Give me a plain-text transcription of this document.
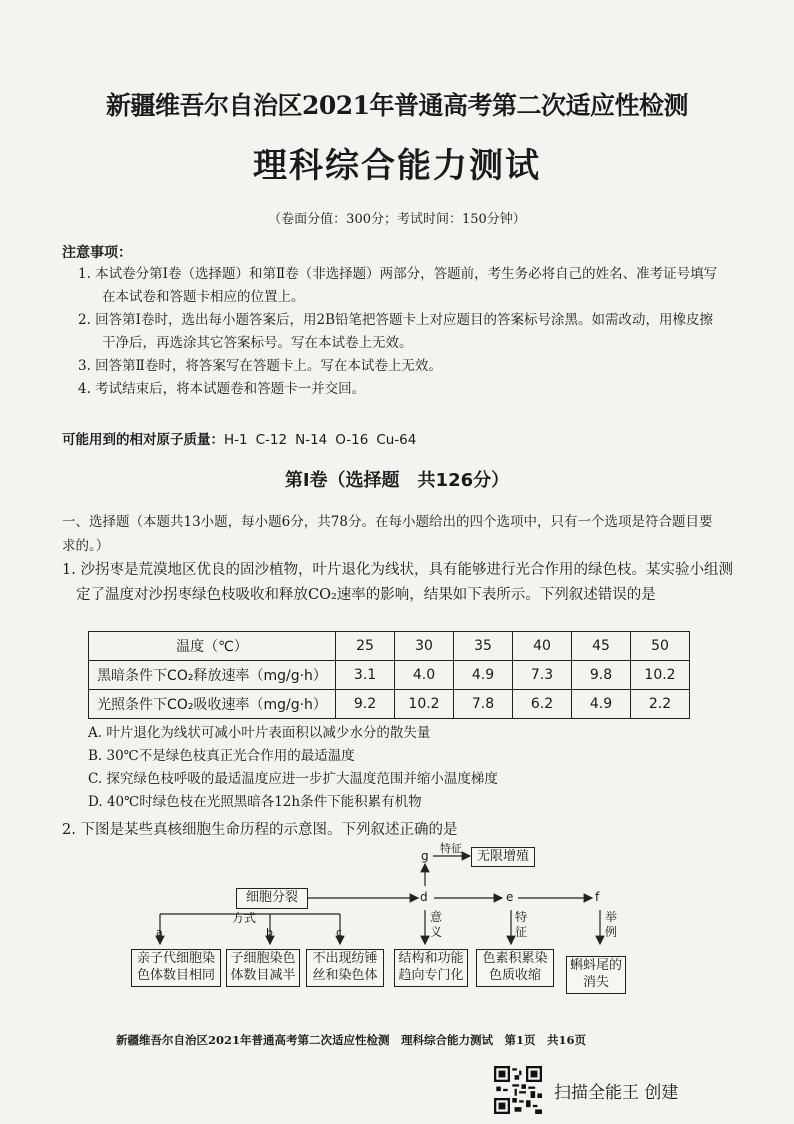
新疆维吾尔自治区2021年普通高考第二次适应性检测
理科综合能力测试
（卷面分值：300分；考试时间：150分钟）
注意事项：
1. 本试卷分第Ⅰ卷（选择题）和第Ⅱ卷（非选择题）两部分，答题前，考生务必将自己的姓名、准考证号填写在本试卷和答题卡相应的位置上。
2. 回答第Ⅰ卷时，选出每小题答案后，用2B铅笔把答题卡上对应题目的答案标号涂黑。如需改动，用橡皮擦干净后，再选涂其它答案标号。写在本试卷上无效。
3. 回答第Ⅱ卷时，将答案写在答题卡上。写在本试卷上无效。
4. 考试结束后，将本试题卷和答题卡一并交回。
可能用到的相对原子质量：H-1 C-12 N-14 O-16 Cu-64
第Ⅰ卷（选择题　共126分）
一、选择题（本题共13小题，每小题6分，共78分。在每小题给出的四个选项中，只有一个选项是符合题目要求的。）
1. 沙拐枣是荒漠地区优良的固沙植物，叶片退化为线状，具有能够进行光合作用的绿色枝。某实验小组测定了温度对沙拐枣绿色枝吸收和释放CO₂速率的影响，结果如下表所示。下列叙述错误的是
温度（℃）	25	30	35	40	45	50
黑暗条件下CO₂释放速率（mg/g·h）	3.1	4.0	4.9	7.3	9.8	10.2
光照条件下CO₂吸收速率（mg/g·h）	9.2	10.2	7.8	6.2	4.9	2.2
A. 叶片退化为线状可减小叶片表面积以减少水分的散失量
B. 30℃不是绿色枝真正光合作用的最适温度
C. 探究绿色枝呼吸的最适温度应进一步扩大温度范围并缩小温度梯度
D. 40℃时绿色枝在光照黑暗各12h条件下能积累有机物
2. 下图是某些真核细胞生命历程的示意图。下列叙述正确的是
细胞分裂
方式
g
特征
无限增殖
d	e	f
a	b	c
意义
特征
举例
亲子代细胞染色体数目相同
子细胞染色体数目减半
不出现纺锤丝和染色体
结构和功能趋向专门化
色素积累染色质收缩
蝌蚪尾的消失
新疆维吾尔自治区2021年普通高考第二次适应性检测　理科综合能力测试　第1页　共16页
扫描全能王 创建
